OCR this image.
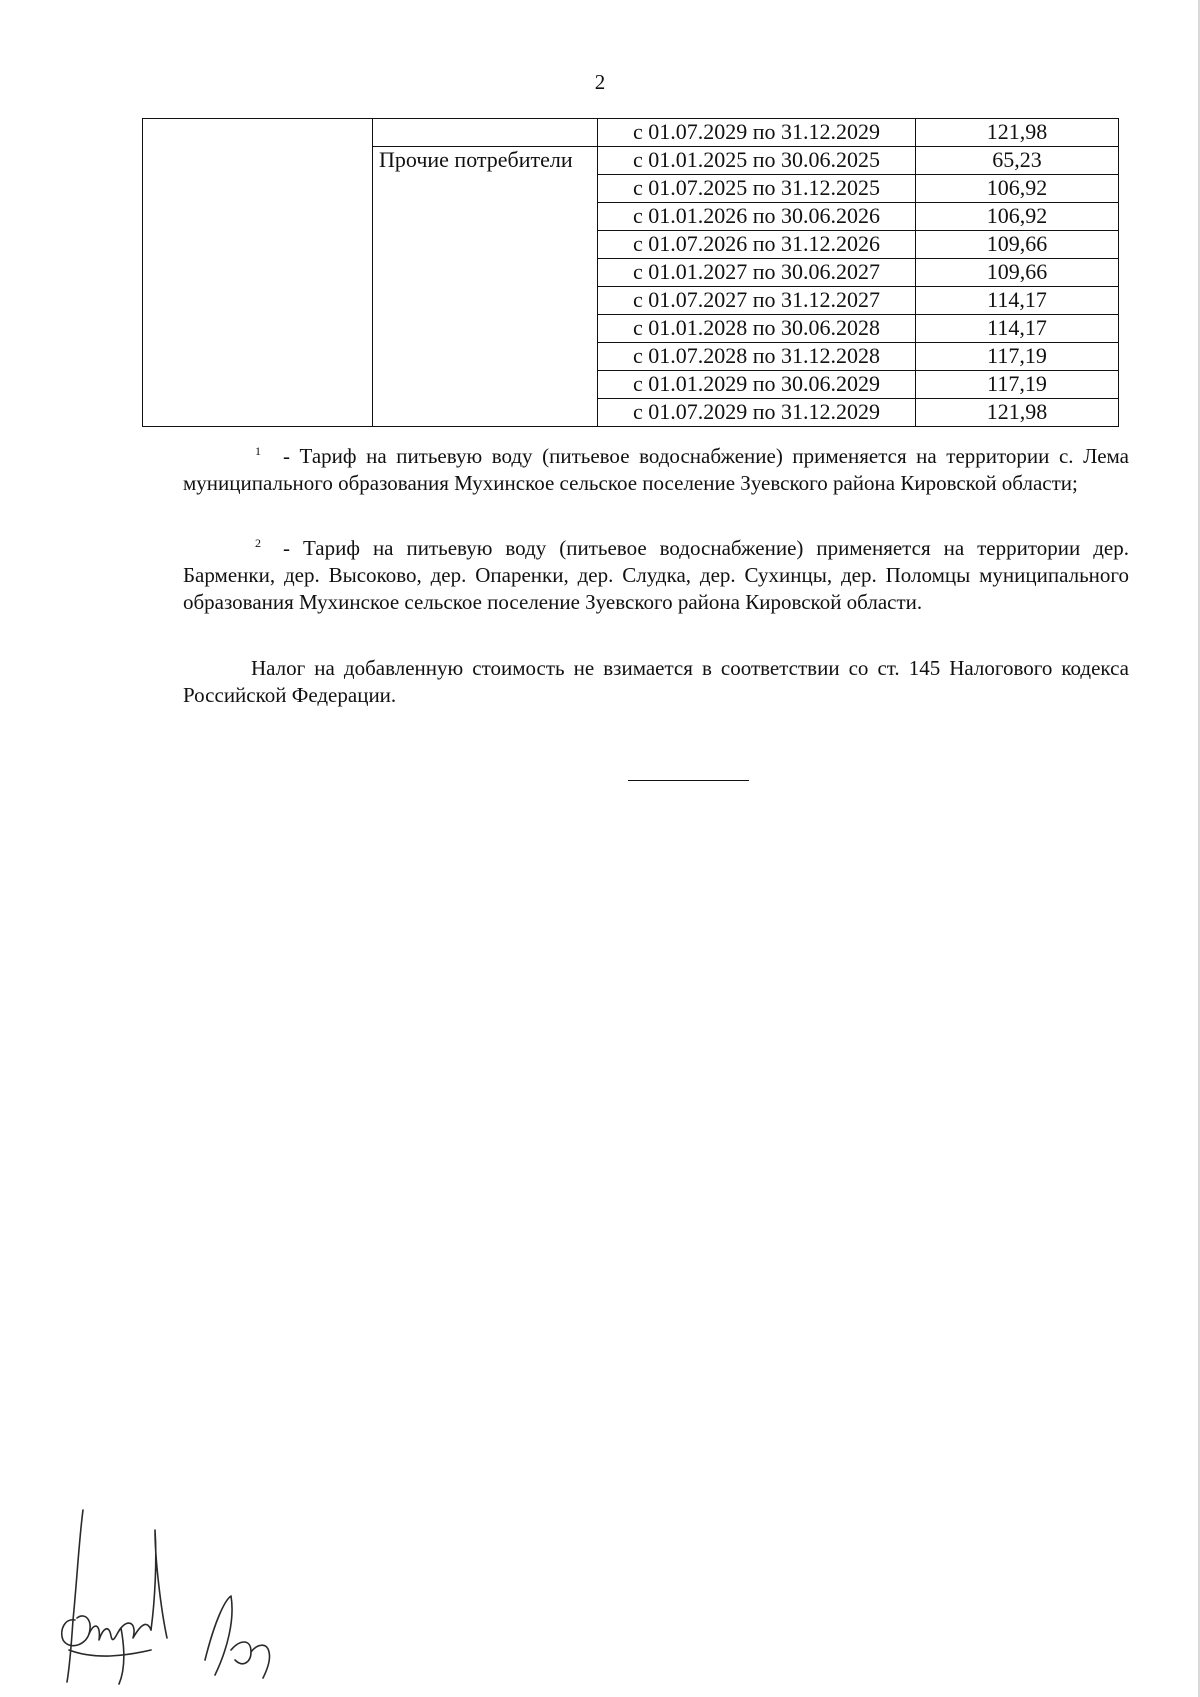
2
		с 01.07.2029 по 31.12.2029	121,98
	Прочие потребители	с 01.01.2025 по 30.06.2025	65,23
		с 01.07.2025 по 31.12.2025	106,92
		с 01.01.2026 по 30.06.2026	106,92
		с 01.07.2026 по 31.12.2026	109,66
		с 01.01.2027 по 30.06.2027	109,66
		с 01.07.2027 по 31.12.2027	114,17
		с 01.01.2028 по 30.06.2028	114,17
		с 01.07.2028 по 31.12.2028	117,19
		с 01.01.2029 по 30.06.2029	117,19
		с 01.07.2029 по 31.12.2029	121,98
1 - Тариф на питьевую воду (питьевое водоснабжение) применяется на территории с. Лема муниципального образования Мухинское сельское поселение Зуевского района Кировской области;
2 - Тариф на питьевую воду (питьевое водоснабжение) применяется на территории дер. Барменки, дер. Высоково, дер. Опаренки, дер. Слудка, дер. Сухинцы, дер. Поломцы муниципального образования Мухинское сельское поселение Зуевского района Кировской области.
Налог на добавленную стоимость не взимается в соответствии со ст. 145 Налогового кодекса Российской Федерации.
